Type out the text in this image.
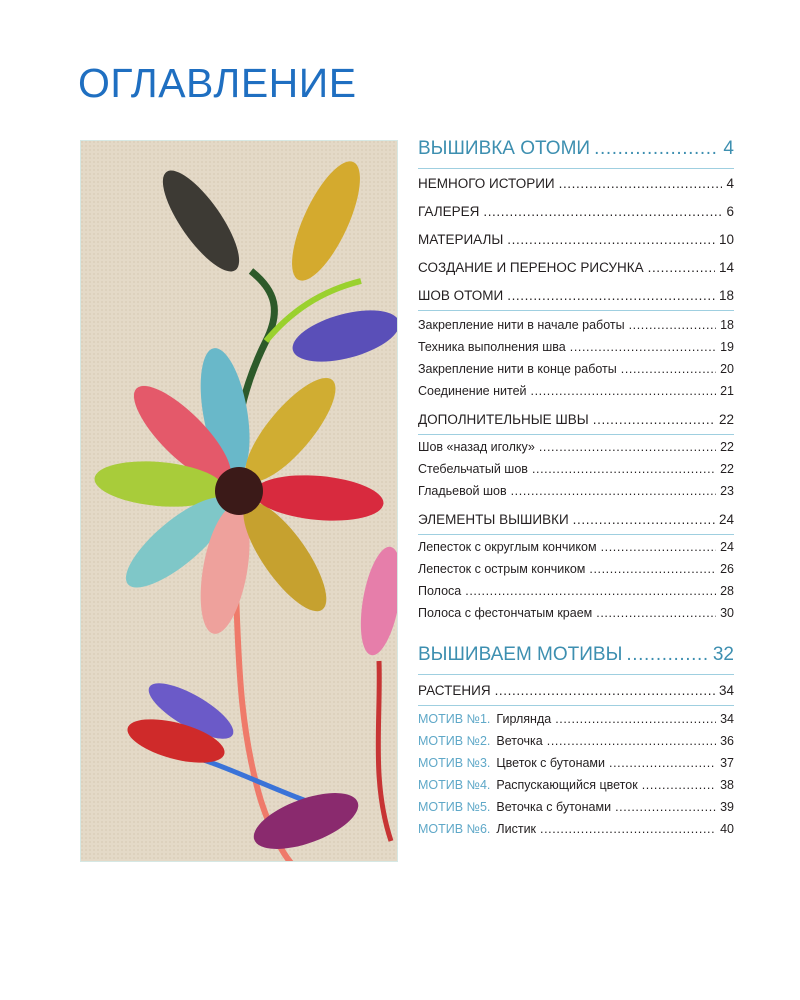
ОГЛАВЛЕНИЕ
ВЫШИВКА ОТОМИ .....	4
НЕМНОГО ИСТОРИИ .....	4
ГАЛЕРЕЯ .....	6
МАТЕРИАЛЫ .....	10
СОЗДАНИЕ И ПЕРЕНОС РИСУНКА .....	14
ШОВ ОТОМИ .....	18
Закрепление нити в начале работы .....	18
Техника выполнения шва .....	19
Закрепление нити в конце работы .....	20
Соединение нитей .....	21
ДОПОЛНИТЕЛЬНЫЕ ШВЫ .....	22
Шов «назад иголку» .....	22
Стебельчатый шов .....	22
Гладьевой шов .....	23
ЭЛЕМЕНТЫ ВЫШИВКИ .....	24
Лепесток с округлым кончиком .....	24
Лепесток с острым кончиком .....	26
Полоса .....	28
Полоса с фестончатым краем .....	30
ВЫШИВАЕМ МОТИВЫ .....	32
РАСТЕНИЯ .....	34
МОТИВ №1. Гирлянда .....	34
МОТИВ №2. Веточка .....	36
МОТИВ №3. Цветок с бутонами .....	37
МОТИВ №4. Распускающийся цветок .....	38
МОТИВ №5. Веточка с бутонами .....	39
МОТИВ №6. Листик .....	40
